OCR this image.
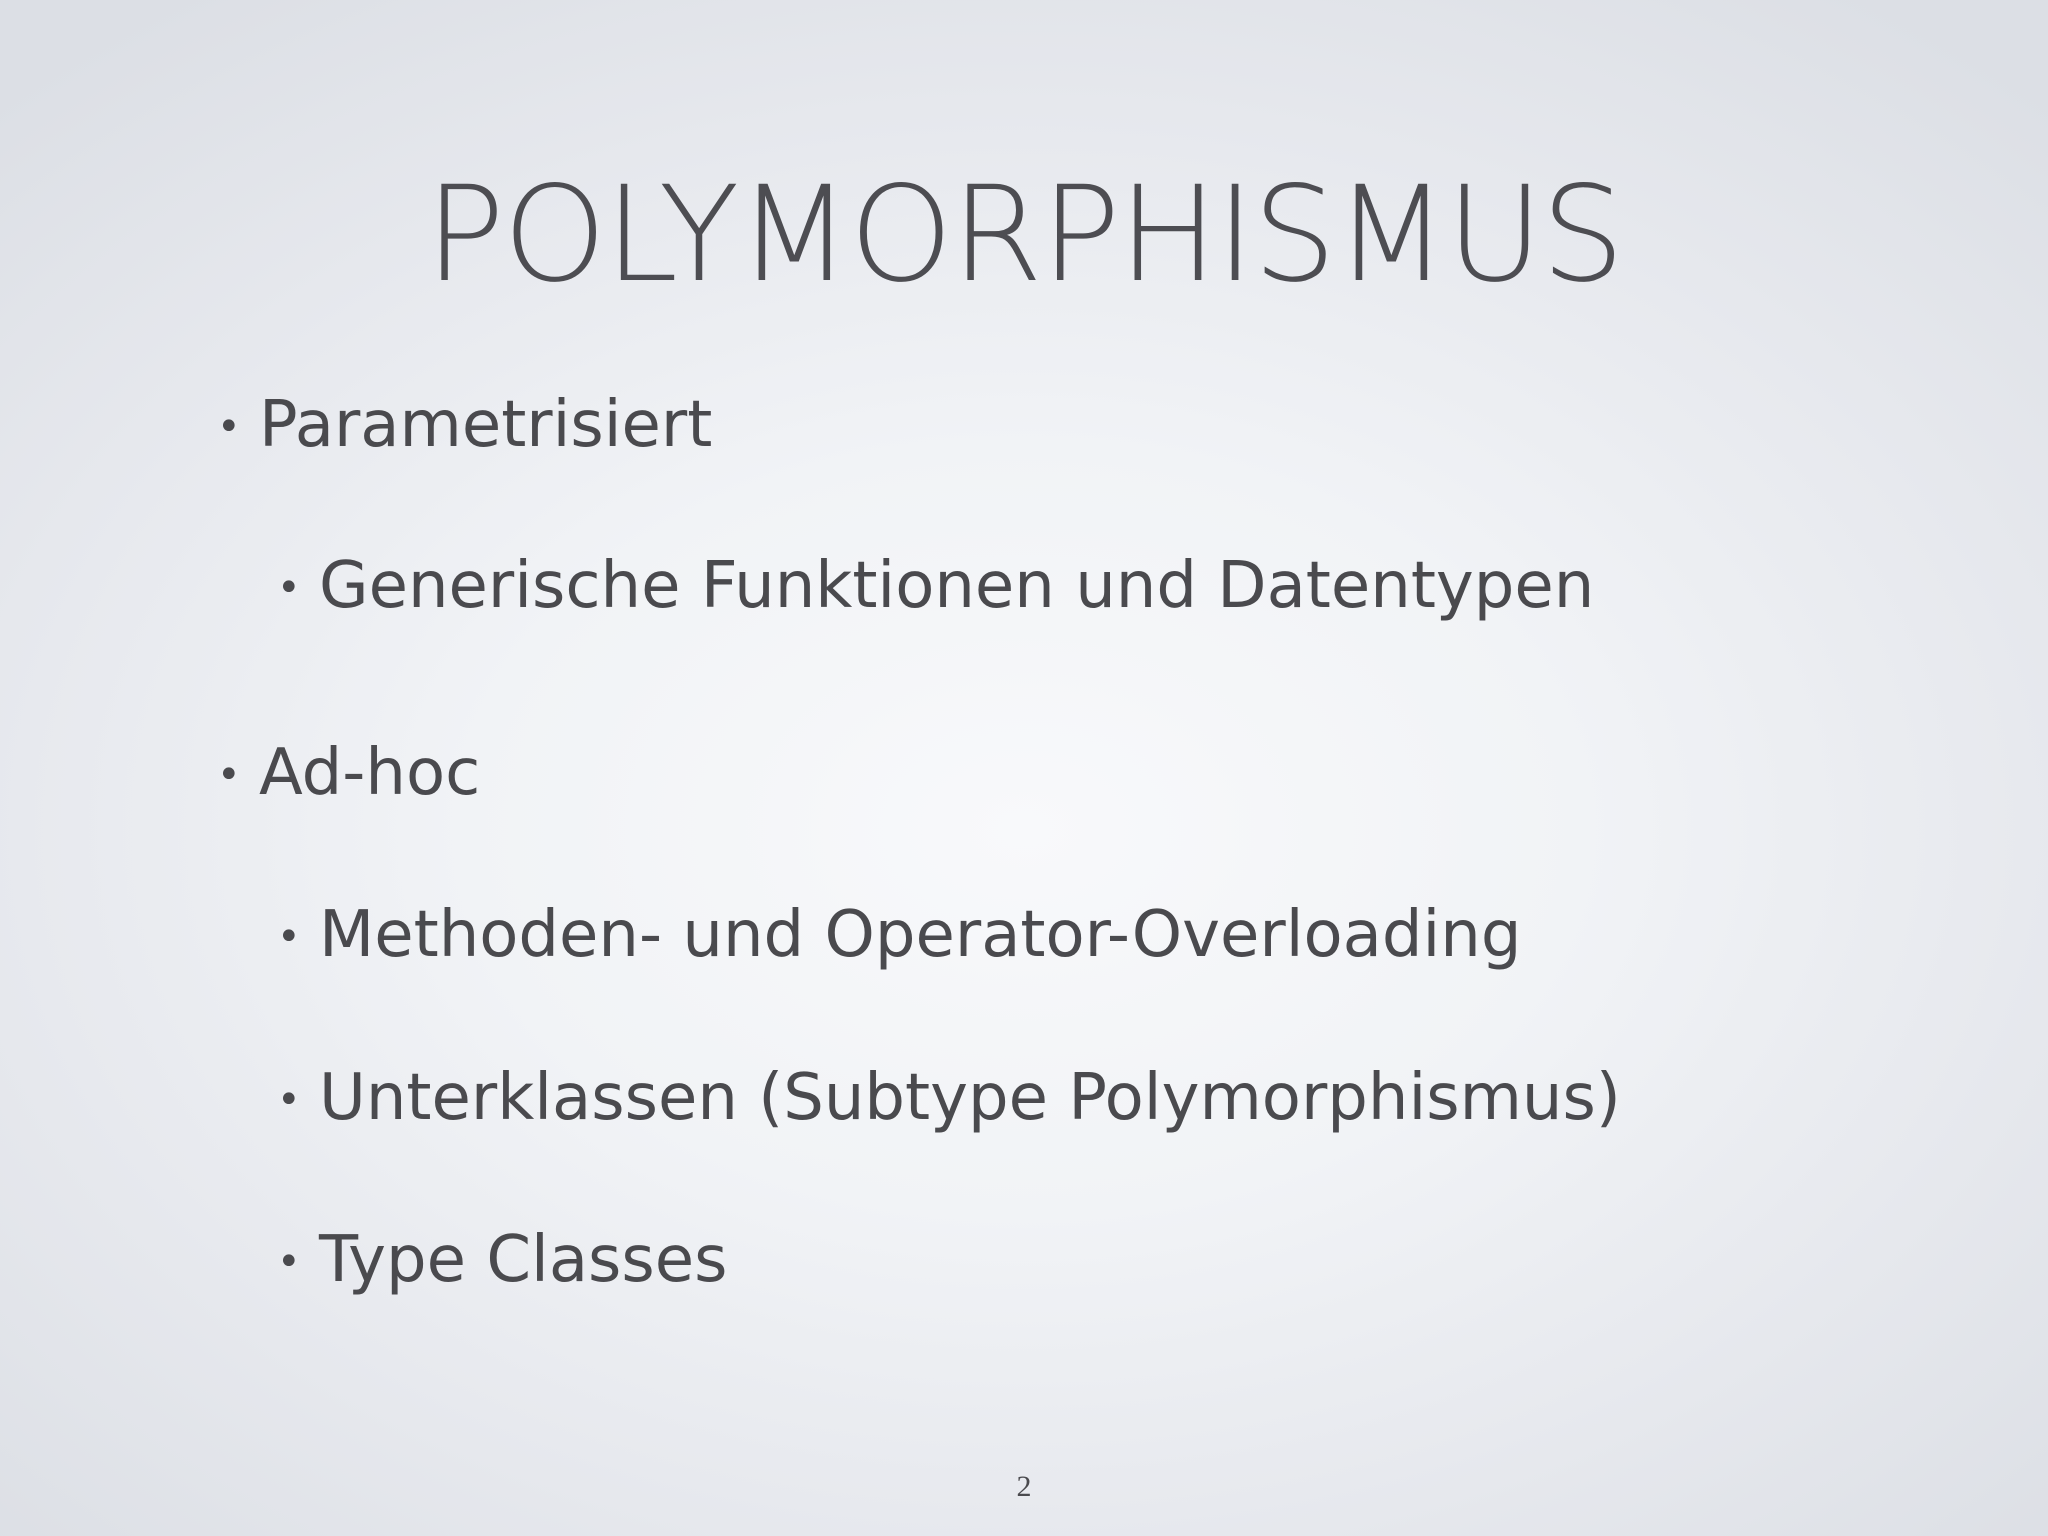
POLYMORPHISMUS
• Parametrisiert
• Generische Funktionen und Datentypen
• Ad-hoc
• Methoden- und Operator-Overloading
• Unterklassen (Subtype Polymorphismus)
• Type Classes
2
